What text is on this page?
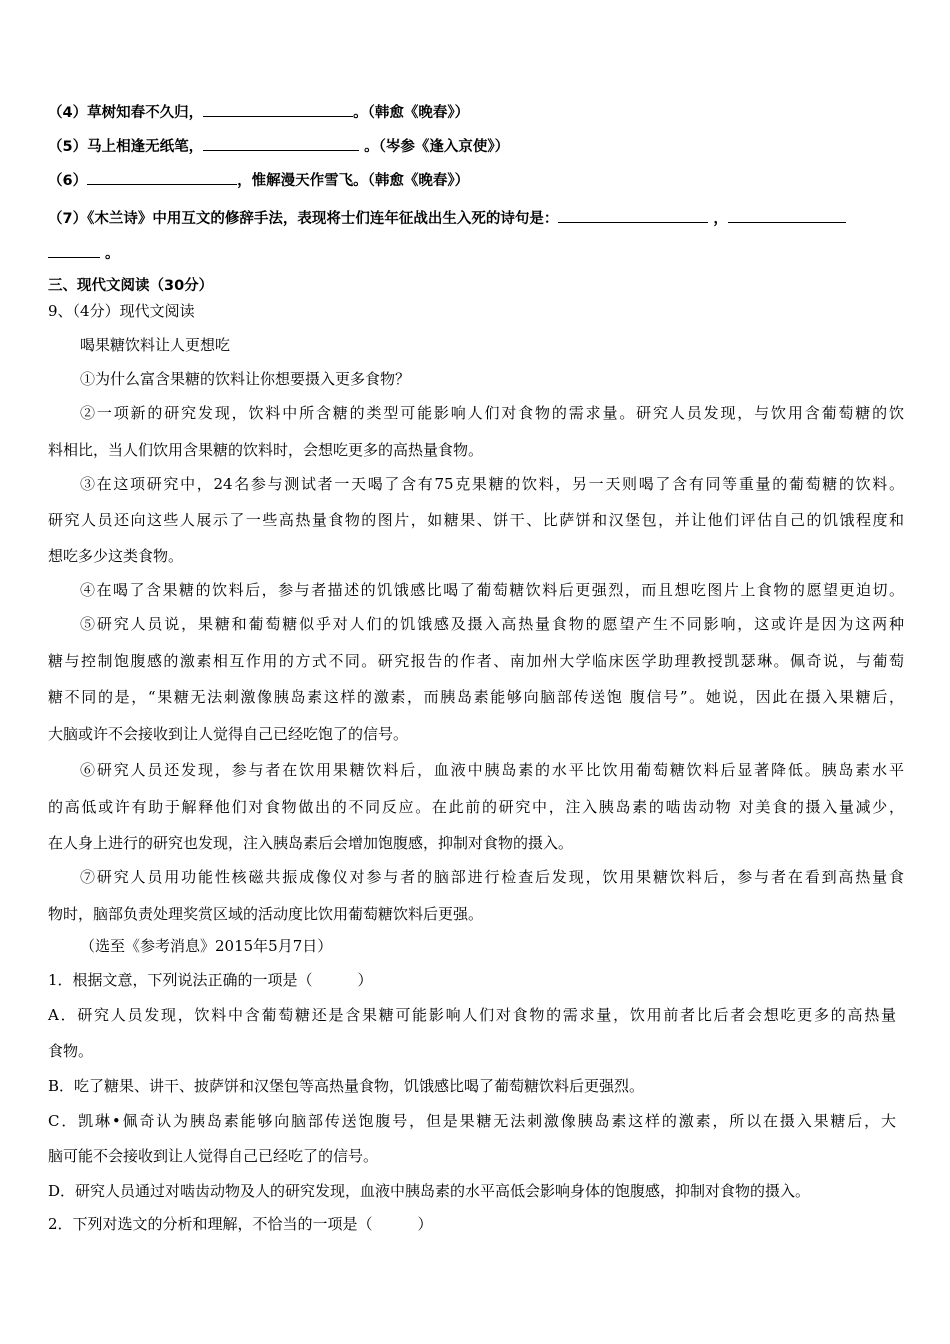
（4）草树知春不久归，	。（韩愈《晚春》）
（5）马上相逢无纸笔，	。（岑参《逢入京使》）
（6）	，惟解漫天作雪飞。（韩愈《晚春》）
（7）《木兰诗》中用互文的修辞手法，表现将士们连年征战出生入死的诗句是：	，
。
三、现代文阅读（30分）
9、（4分）现代文阅读
喝果糖饮料让人更想吃
①为什么富含果糖的饮料让你想要摄入更多食物？
②一项新的研究发现，饮料中所含糖的类型可能影响人们对食物的需求量。研究人员发现，与饮用含葡萄糖的饮
料相比，当人们饮用含果糖的饮料时，会想吃更多的高热量食物。
③在这项研究中，24名参与测试者一天喝了含有75克果糖的饮料，另一天则喝了含有同等重量的葡萄糖的饮料。
研究人员还向这些人展示了一些高热量食物的图片，如糖果、饼干、比萨饼和汉堡包，并让他们评估自己的饥饿程度和
想吃多少这类食物。
④在喝了含果糖的饮料后，参与者描述的饥饿感比喝了葡萄糖饮料后更强烈，而且想吃图片上食物的愿望更迫切。
⑤研究人员说，果糖和葡萄糖似乎对人们的饥饿感及摄入高热量食物的愿望产生不同影响，这或许是因为这两种
糖与控制饱腹感的激素相互作用的方式不同。研究报告的作者、南加州大学临床医学助理教授凯瑟琳。佩奇说，与葡萄
糖不同的是，“果糖无法刺激像胰岛素这样的激素，而胰岛素能够向脑部传送饱 腹信号”。她说，因此在摄入果糖后，
大脑或许不会接收到让人觉得自己已经吃饱了的信号。
⑥研究人员还发现，参与者在饮用果糖饮料后，血液中胰岛素的水平比饮用葡萄糖饮料后显著降低。胰岛素水平
的高低或许有助于解释他们对食物做出的不同反应。在此前的研究中，注入胰岛素的啮齿动物 对美食的摄入量减少，
在人身上进行的研究也发现，注入胰岛素后会增加饱腹感，抑制对食物的摄入。
⑦研究人员用功能性核磁共振成像仪对参与者的脑部进行检查后发现，饮用果糖饮料后，参与者在看到高热量食
物时，脑部负责处理奖赏区域的活动度比饮用葡萄糖饮料后更强。
（选至《参考消息》2015年5月7日）
1．根据文意，下列说法正确的一项是（　　　）
A．研究人员发现，饮料中含葡萄糖还是含果糖可能影响人们对食物的需求量，饮用前者比后者会想吃更多的高热量
食物。
B．吃了糖果、讲干、披萨饼和汉堡包等高热量食物，饥饿感比喝了葡萄糖饮料后更强烈。
C．凯琳•佩奇认为胰岛素能够向脑部传送饱腹号，但是果糖无法刺激像胰岛素这样的激素，所以在摄入果糖后，大
脑可能不会接收到让人觉得自己已经吃了的信号。
D．研究人员通过对啮齿动物及人的研究发现，血液中胰岛素的水平高低会影响身体的饱腹感，抑制对食物的摄入。
2．下列对选文的分析和理解，不恰当的一项是（　　　）
